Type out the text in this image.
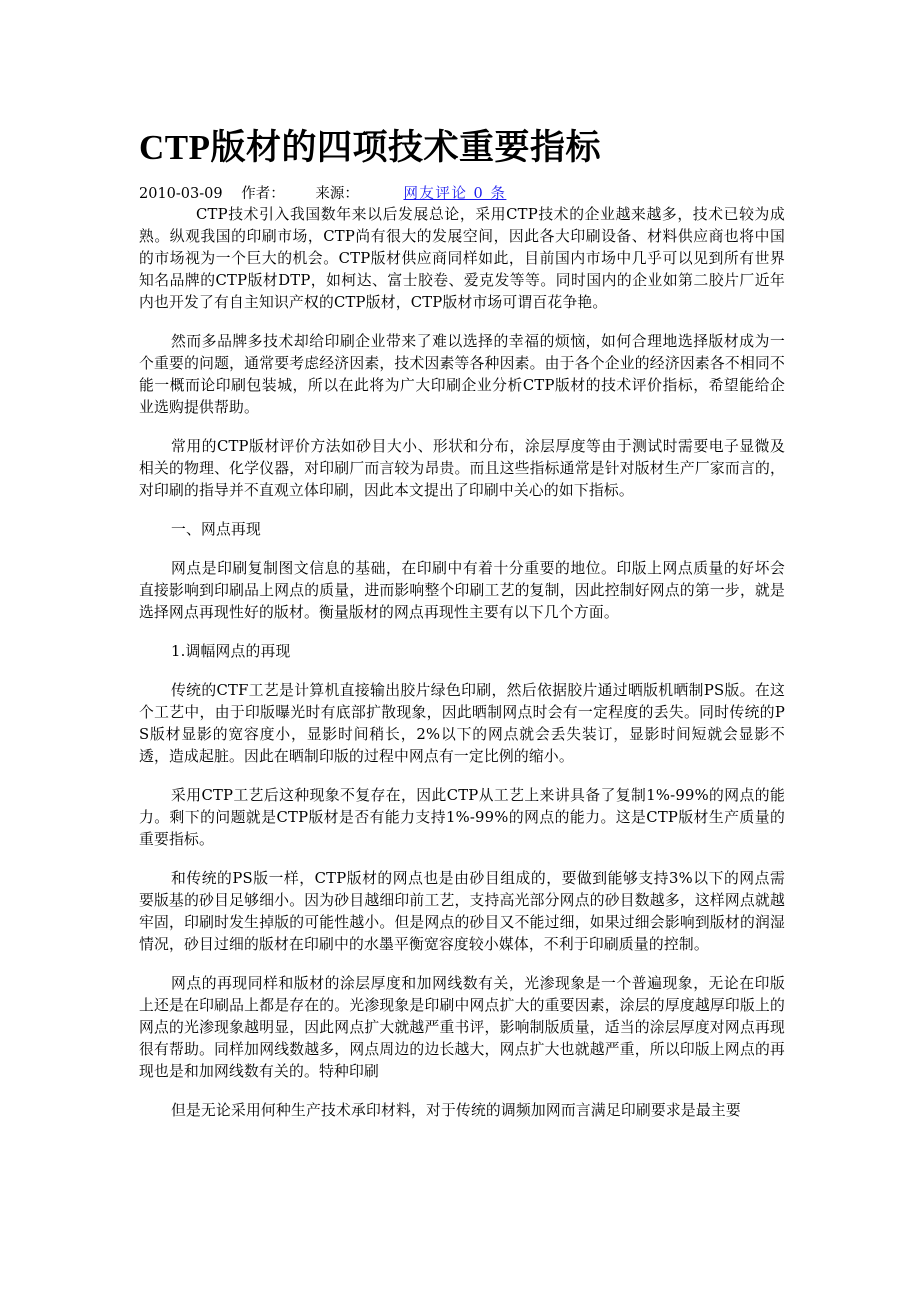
CTP版材的四项技术重要指标
2010-03-09 作者： 来源：	网友评论 0 条

CTP技术引入我国数年来以后发展总论，采用CTP技术的企业越来越多，技术已较为成熟。纵观我国的印刷市场，CTP尚有很大的发展空间，因此各大印刷设备、材料供应商也将中国的市场视为一个巨大的机会。CTP版材供应商同样如此，目前国内市场中几乎可以见到所有世界知名品牌的CTP版材DTP，如柯达、富士胶卷、爱克发等等。同时国内的企业如第二胶片厂近年内也开发了有自主知识产权的CTP版材，CTP版材市场可谓百花争艳。

然而多品牌多技术却给印刷企业带来了难以选择的幸福的烦恼，如何合理地选择版材成为一个重要的问题，通常要考虑经济因素，技术因素等各种因素。由于各个企业的经济因素各不相同不能一概而论印刷包装城，所以在此将为广大印刷企业分析CTP版材的技术评价指标，希望能给企业选购提供帮助。

常用的CTP版材评价方法如砂目大小、形状和分布，涂层厚度等由于测试时需要电子显微及相关的物理、化学仪器，对印刷厂而言较为昂贵。而且这些指标通常是针对版材生产厂家而言的，对印刷的指导并不直观立体印刷，因此本文提出了印刷中关心的如下指标。

一、网点再现

网点是印刷复制图文信息的基础，在印刷中有着十分重要的地位。印版上网点质量的好坏会直接影响到印刷品上网点的质量，进而影响整个印刷工艺的复制，因此控制好网点的第一步，就是选择网点再现性好的版材。衡量版材的网点再现性主要有以下几个方面。

1.调幅网点的再现

传统的CTF工艺是计算机直接输出胶片绿色印刷，然后依据胶片通过晒版机晒制PS版。在这个工艺中，由于印版曝光时有底部扩散现象，因此晒制网点时会有一定程度的丢失。同时传统的PS版材显影的宽容度小，显影时间稍长，2%以下的网点就会丢失装订，显影时间短就会显影不透，造成起脏。因此在晒制印版的过程中网点有一定比例的缩小。

采用CTP工艺后这种现象不复存在，因此CTP从工艺上来讲具备了复制1%-99%的网点的能力。剩下的问题就是CTP版材是否有能力支持1%-99%的网点的能力。这是CTP版材生产质量的重要指标。

和传统的PS版一样，CTP版材的网点也是由砂目组成的，要做到能够支持3%以下的网点需要版基的砂目足够细小。因为砂目越细印前工艺，支持高光部分网点的砂目数越多，这样网点就越牢固，印刷时发生掉版的可能性越小。但是网点的砂目又不能过细，如果过细会影响到版材的润湿情况，砂目过细的版材在印刷中的水墨平衡宽容度较小媒体，不利于印刷质量的控制。

网点的再现同样和版材的涂层厚度和加网线数有关，光渗现象是一个普遍现象，无论在印版上还是在印刷品上都是存在的。光渗现象是印刷中网点扩大的重要因素，涂层的厚度越厚印版上的网点的光渗现象越明显，因此网点扩大就越严重书评，影响制版质量，适当的涂层厚度对网点再现很有帮助。同样加网线数越多，网点周边的边长越大，网点扩大也就越严重，所以印版上网点的再现也是和加网线数有关的。特种印刷

但是无论采用何种生产技术承印材料，对于传统的调频加网而言满足印刷要求是最主要
